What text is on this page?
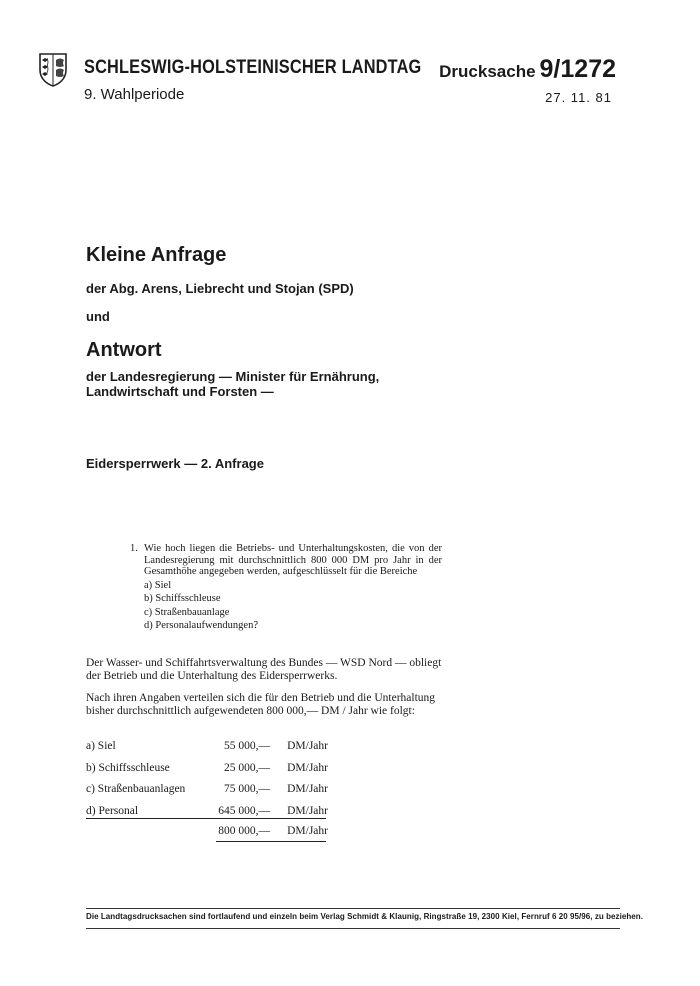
SCHLESWIG-HOLSTEINISCHER LANDTAG
9. Wahlperiode
Drucksache 9/1272
27. 11. 81
Kleine Anfrage
der Abg. Arens, Liebrecht und Stojan (SPD)
und
Antwort
der Landesregierung — Minister für Ernährung, Landwirtschaft und Forsten —
Eidersperrwerk — 2. Anfrage
1. Wie hoch liegen die Betriebs- und Unterhaltungskosten, die von der Landesregierung mit durchschnittlich 800 000 DM pro Jahr in der Gesamthöhe angegeben werden, aufgeschlüsselt für die Bereiche
a) Siel
b) Schiffsschleuse
c) Straßenbauanlage
d) Personalaufwendungen?
Der Wasser- und Schiffahrtsverwaltung des Bundes — WSD Nord — obliegt der Betrieb und die Unterhaltung des Eidersperrwerks.
Nach ihren Angaben verteilen sich die für den Betrieb und die Unterhaltung bisher durchschnittlich aufgewendeten 800 000,— DM / Jahr wie folgt:
a) Siel	55 000,— DM/Jahr
b) Schiffsschleuse	25 000,— DM/Jahr
c) Straßenbauanlagen	75 000,— DM/Jahr
d) Personal	645 000,— DM/Jahr
800 000,— DM/Jahr
Die Landtagsdrucksachen sind fortlaufend und einzeln beim Verlag Schmidt & Klaunig, Ringstraße 19, 2300 Kiel, Fernruf 6 20 95/96, zu beziehen.
